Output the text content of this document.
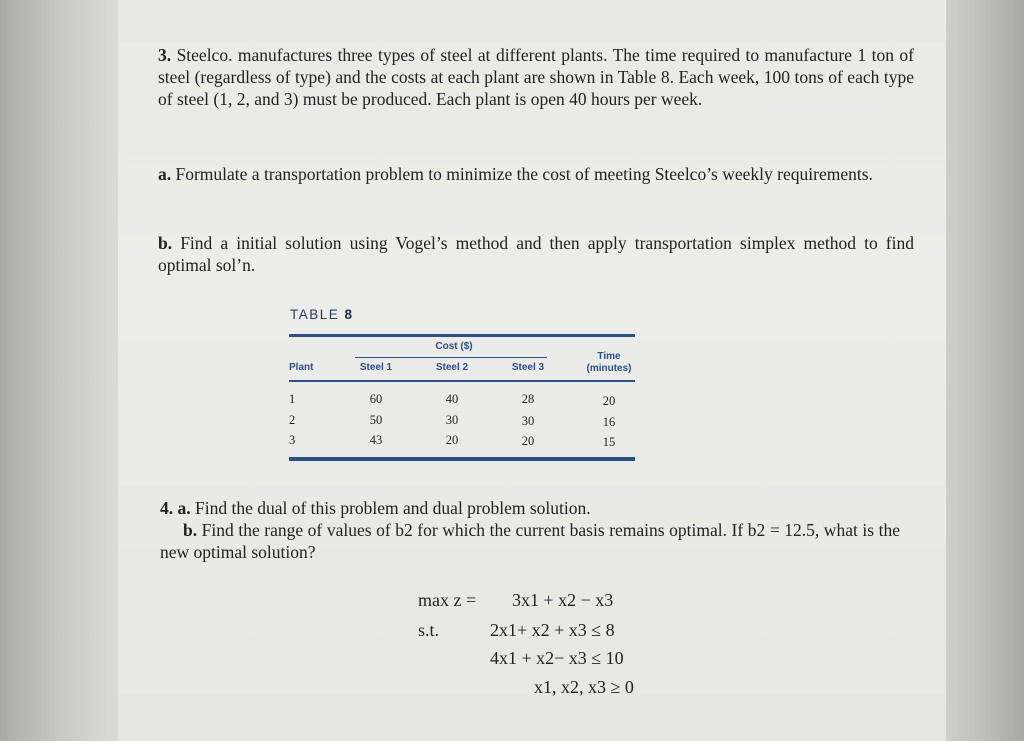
3. Steelco. manufactures three types of steel at different plants. The time required to manufacture 1 ton of steel (regardless of type) and the costs at each plant are shown in Table 8. Each week, 100 tons of each type of steel (1, 2, and 3) must be produced. Each plant is open 40 hours per week.
a. Formulate a transportation problem to minimize the cost of meeting Steelco’s weekly requirements.
b. Find a initial solution using Vogel’s method and then apply transportation simplex method to find optimal sol’n.
TABLE 8
Cost ($)
Plant	Steel 1	Steel 2	Steel 3
Time
(minutes)
1	60	40	28	20
2	50	30	30	16
3	43	20	20	15
4. a. Find the dual of this problem and dual problem solution.
b. Find the range of values of b2 for which the current basis remains optimal. If b2 = 12.5, what is the new optimal solution?
max z = 3x1 + x2 − x3
s.t.	2x1+ x2 + x3 ≤ 8
4x1 + x2− x3 ≤ 10
x1, x2, x3 ≥ 0
